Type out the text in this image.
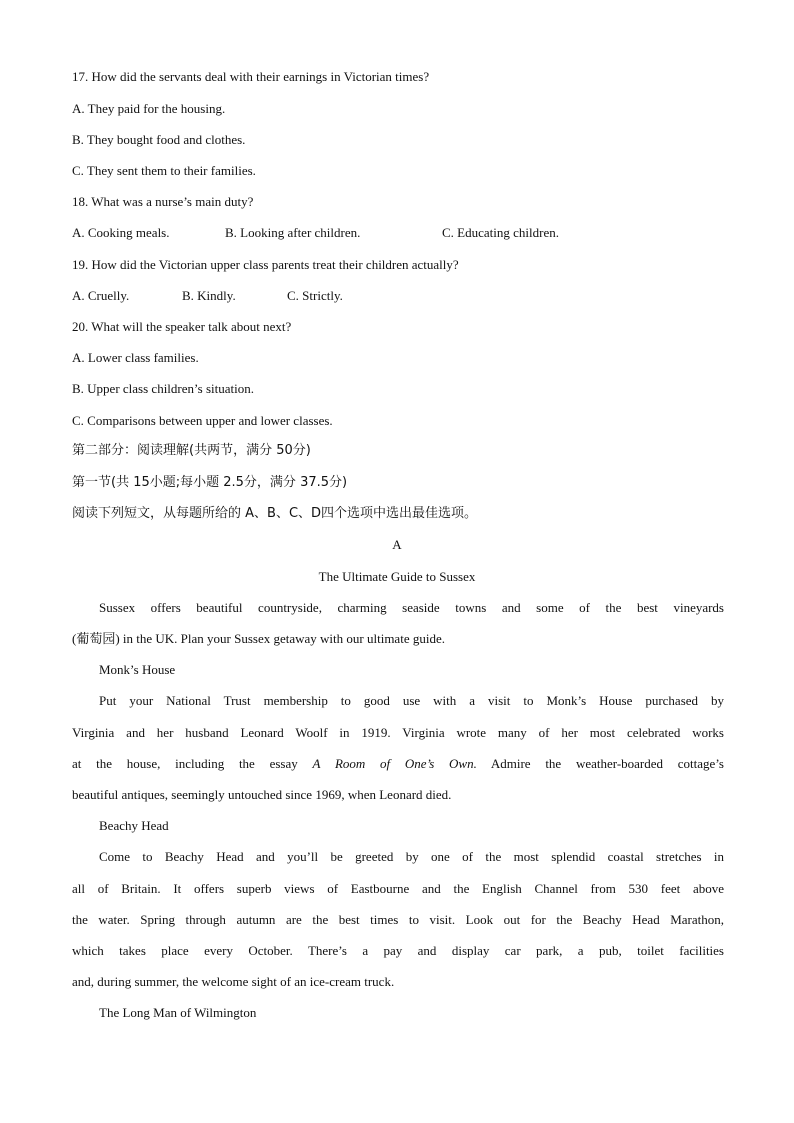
17. How did the servants deal with their earnings in Victorian times?
A. They paid for the housing.
B. They bought food and clothes.
C. They sent them to their families.
18. What was a nurse’s main duty?
A. Cooking meals.	B. Looking after children.	C. Educating children.
19. How did the Victorian upper class parents treat their children actually?
A. Cruelly.	B. Kindly.	C. Strictly.
20. What will the speaker talk about next?
A. Lower class families.
B. Upper class children’s situation.
C. Comparisons between upper and lower classes.
第二部分：阅读理解(共两节，满分 50分)
第一节(共 15小题;每小题 2.5分，满分 37.5分)
阅读下列短文，从每题所给的 A、B、C、D四个选项中选出最佳选项。
A
The Ultimate Guide to Sussex
Sussex offers beautiful countryside, charming seaside towns and some of the best vineyards
(葡萄园) in the UK. Plan your Sussex getaway with our ultimate guide.
Monk’s House
Put your National Trust membership to good use with a visit to Monk’s House purchased by
Virginia and her husband Leonard Woolf in 1919. Virginia wrote many of her most celebrated works
at the house, including the essay A Room of One’s Own. Admire the weather-boarded cottage’s
beautiful antiques, seemingly untouched since 1969, when Leonard died.
Beachy Head
Come to Beachy Head and you’ll be greeted by one of the most splendid coastal stretches in
all of Britain. It offers superb views of Eastbourne and the English Channel from 530 feet above
the water. Spring through autumn are the best times to visit. Look out for the Beachy Head Marathon,
which takes place every October. There’s a pay and display car park, a pub, toilet facilities
and, during summer, the welcome sight of an ice-cream truck.
The Long Man of Wilmington
